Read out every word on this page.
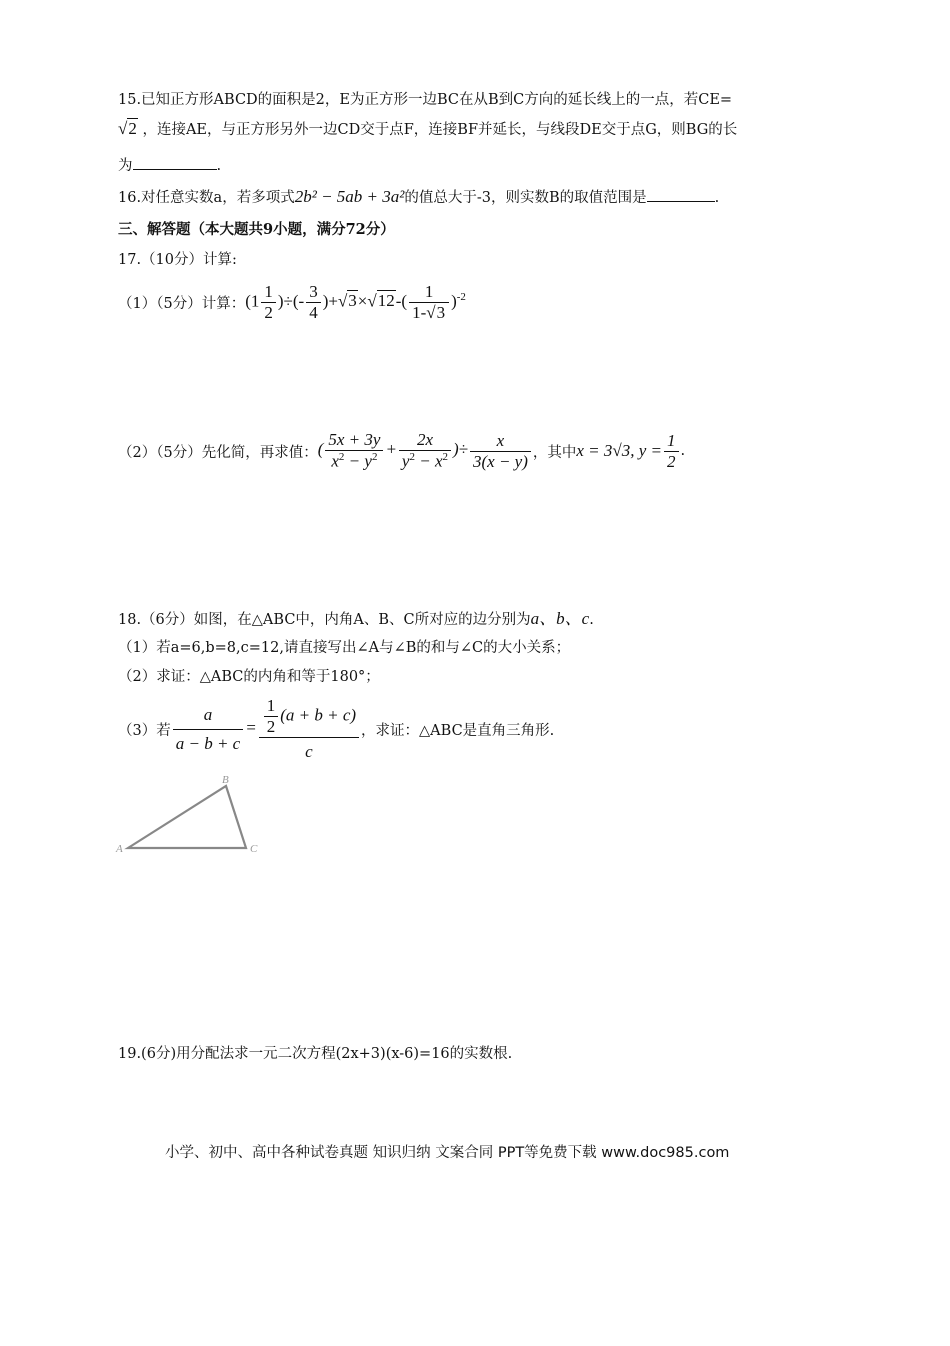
15.已知正方形ABCD的面积是2，E为正方形一边BC在从B到C方向的延长线上的一点，若CE=
√2 ，连接AE，与正方形另外一边CD交于点F，连接BF并延长，与线段DE交于点G，则BG的长
为	.
16.对任意实数a，若多项式2b² − 5ab + 3a²的值总大于-3，则实数B的取值范围是	.
三、解答题（本大题共9小题，满分72分）
17.（10分）计算:
（1）（5分）计算： ($1 \frac{1}{2}$ )÷(- $\frac{3}{4} )+√3\times√12-( \frac{1}{1-√3} )^{-2}$
（2）（5分）先化简，再求值： ( $\frac{5x + 3y}{x^2 - y^2} + \frac{2x}{y^2 - x^2}$ )÷ $\frac{x}{3(x - y)}$ ，其中 x = 3√3, $y = \frac{1}{2}$ .
18.（6分）如图，在△ABC中，内角A、B、C所对应的边分别为a、b、c.
（1）若a=6,b=8,c=12,请直接写出∠A与∠B的和与∠C的大小关系；
（2）求证：△ABC的内角和等于180°；
（3）若 $\frac{a}{a - b + c} = \frac{\frac{1}{2} (a + b + c)}{c}$ ，求证：△ABC是直角三角形.
A
B
C
19.(6分)用分配法求一元二次方程(2x+3)(x-6)=16的实数根.
小学、初中、高中各种试卷真题 知识归纳 文案合同 PPT等免费下载 www.doc985.com
